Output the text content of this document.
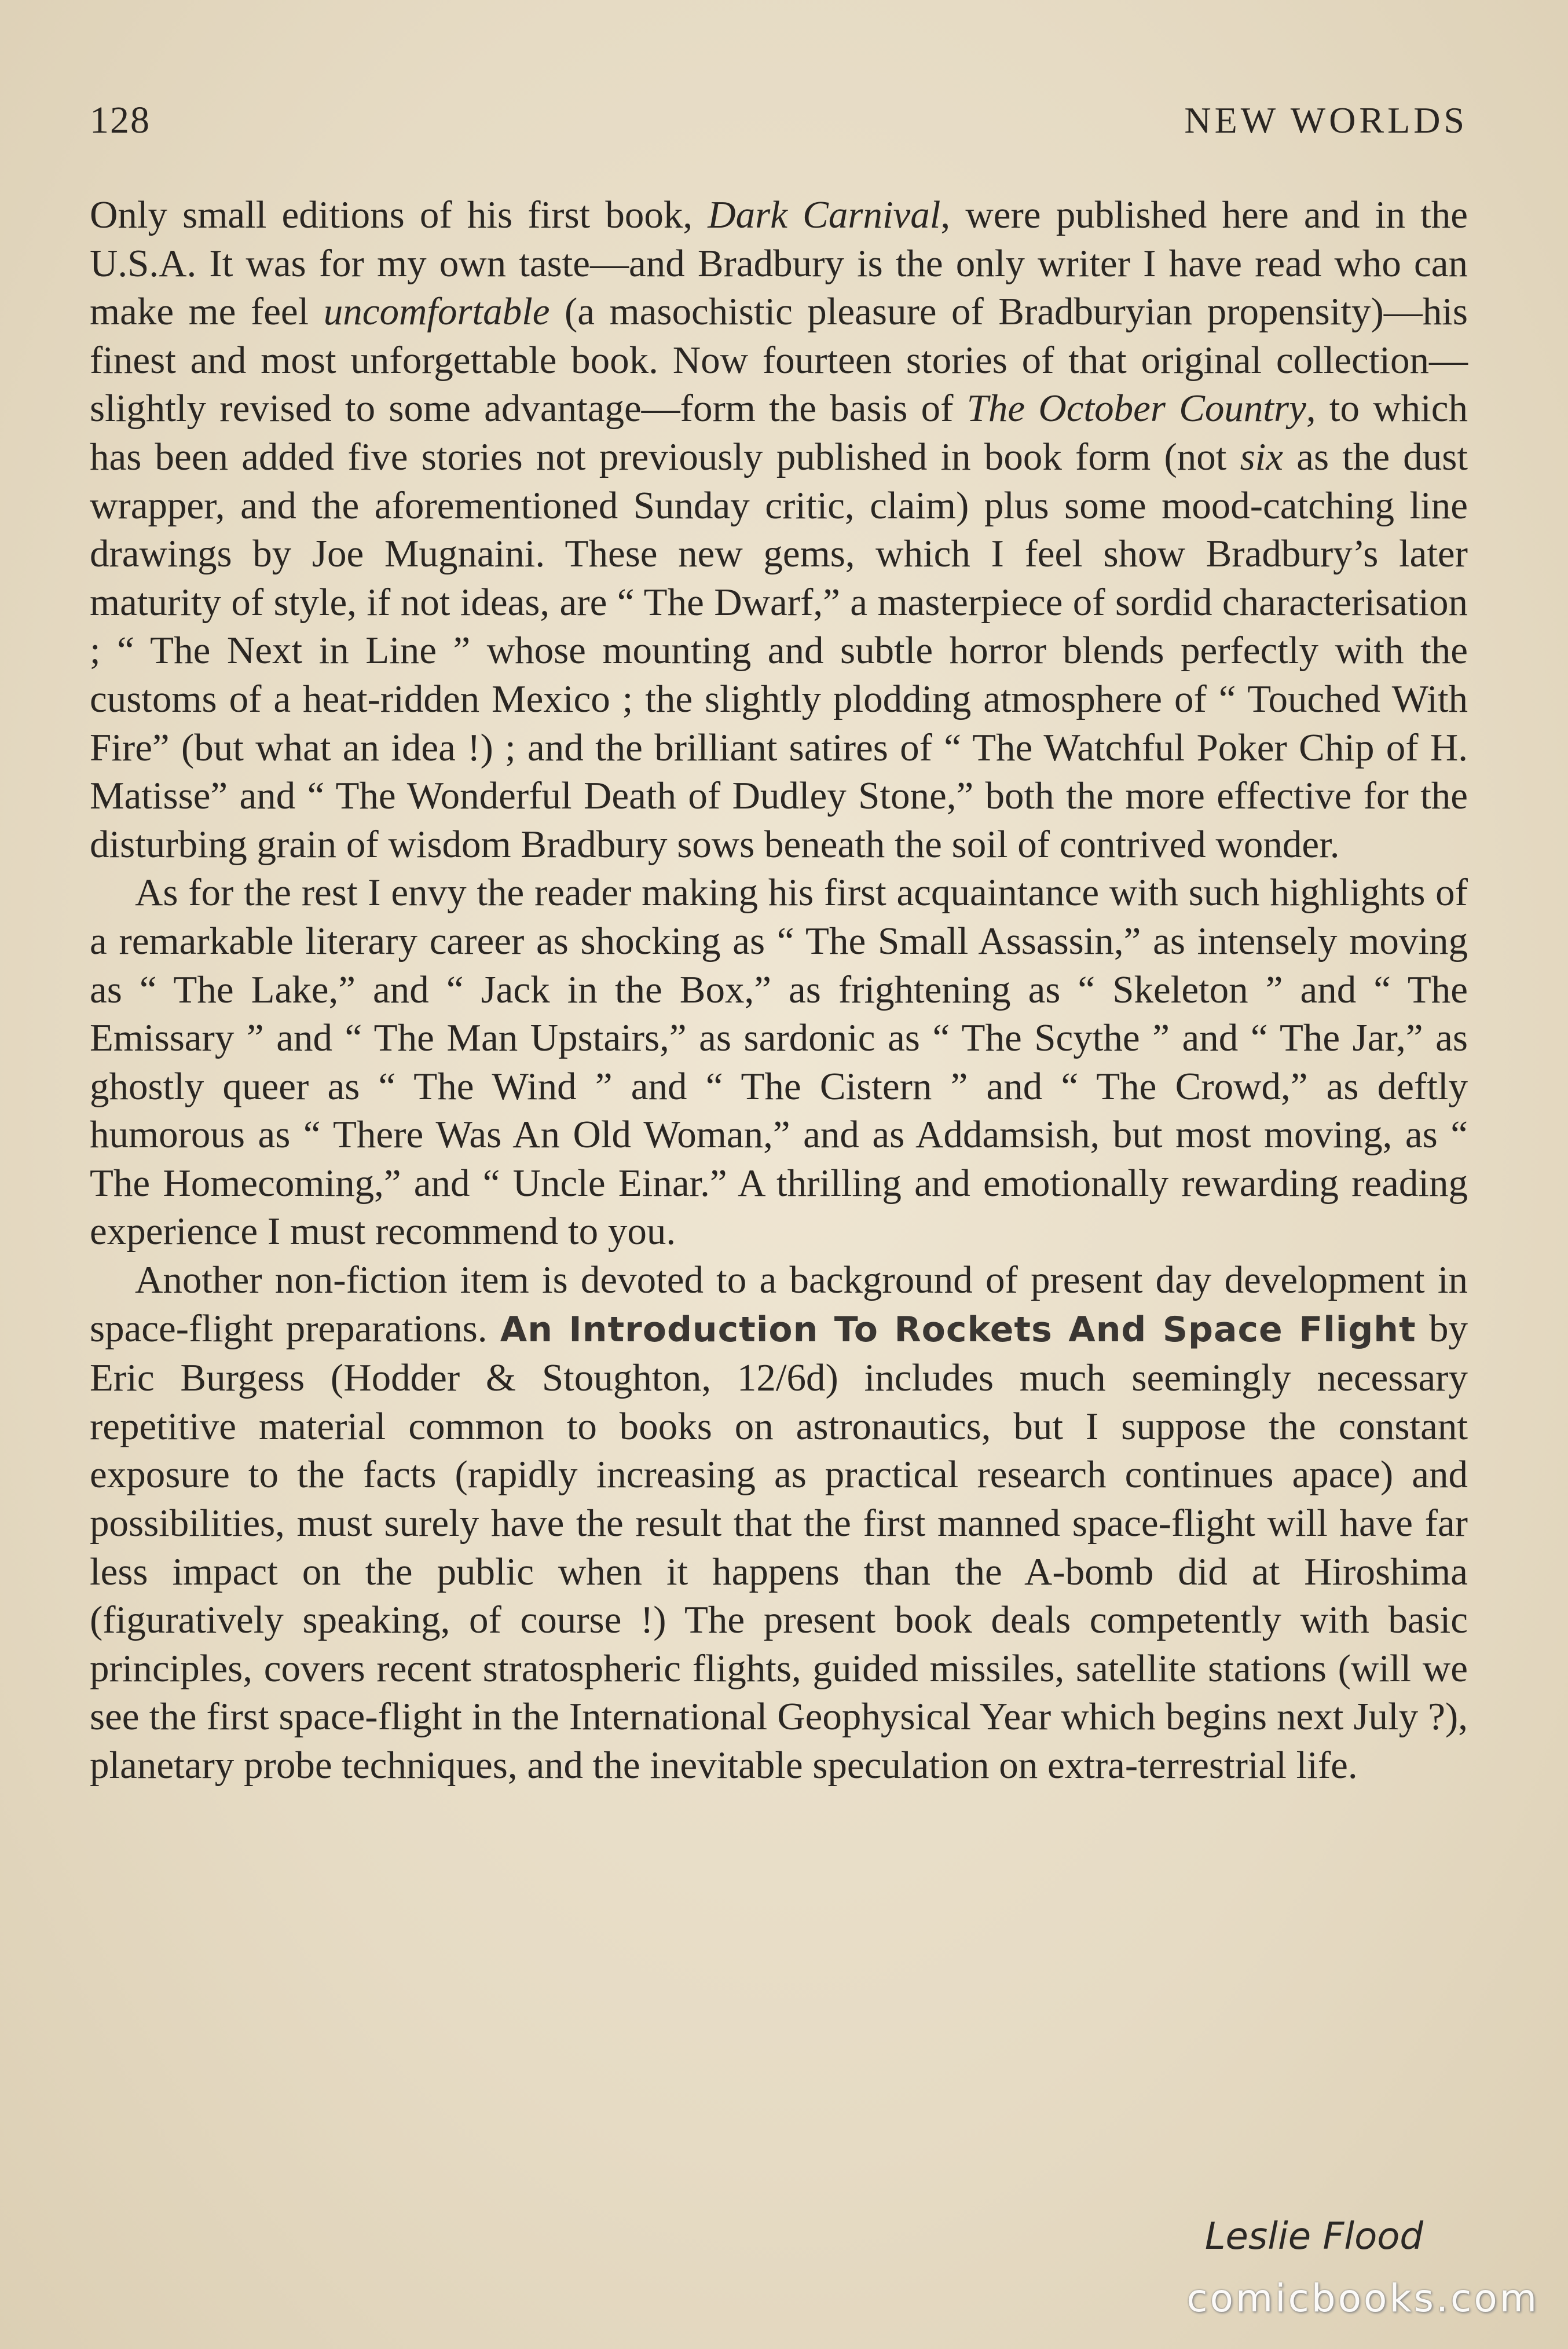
128	NEW WORLDS

Only small editions of his first book, Dark Carnival, were published here and in the U.S.A. It was for my own taste—and Bradbury is the only writer I have read who can make me feel uncomfortable (a masochistic pleasure of Bradburyian propensity)—his finest and most unforgettable book. Now fourteen stories of that original collection—slightly revised to some advantage—form the basis of The October Country, to which has been added five stories not previously published in book form (not six as the dust wrapper, and the aforementioned Sunday critic, claim) plus some mood-catching line drawings by Joe Mugnaini. These new gems, which I feel show Bradbury’s later maturity of style, if not ideas, are “ The Dwarf,” a masterpiece of sordid characterisation ; “ The Next in Line ” whose mounting and subtle horror blends perfectly with the customs of a heat-ridden Mexico ; the slightly plodding atmosphere of “ Touched With Fire” (but what an idea !) ; and the brilliant satires of “ The Watchful Poker Chip of H. Matisse” and “ The Wonderful Death of Dudley Stone,” both the more effective for the disturbing grain of wisdom Bradbury sows beneath the soil of contrived wonder.

As for the rest I envy the reader making his first acquaintance with such highlights of a remarkable literary career as shocking as “ The Small Assassin,” as intensely moving as “ The Lake,” and “ Jack in the Box,” as frightening as “ Skeleton ” and “ The Emissary ” and “ The Man Upstairs,” as sardonic as “ The Scythe ” and “ The Jar,” as ghostly queer as “ The Wind ” and “ The Cistern ” and “ The Crowd,” as deftly humorous as “ There Was An Old Woman,” and as Addamsish, but most moving, as “ The Homecoming,” and “ Uncle Einar.” A thrilling and emotionally rewarding reading experience I must recommend to you.

Another non-fiction item is devoted to a background of present day development in space-flight preparations. An Introduction To Rockets And Space Flight by Eric Burgess (Hodder & Stoughton, 12/6d) includes much seemingly necessary repetitive material common to books on astronautics, but I suppose the constant exposure to the facts (rapidly increasing as practical research continues apace) and possibilities, must surely have the result that the first manned space-flight will have far less impact on the public when it happens than the A-bomb did at Hiroshima (figuratively speaking, of course !) The present book deals competently with basic principles, covers recent stratospheric flights, guided missiles, satellite stations (will we see the first space-flight in the International Geophysical Year which begins next July ?), planetary probe techniques, and the inevitable speculation on extra-terrestrial life.

Leslie Flood
comicbooks.com
